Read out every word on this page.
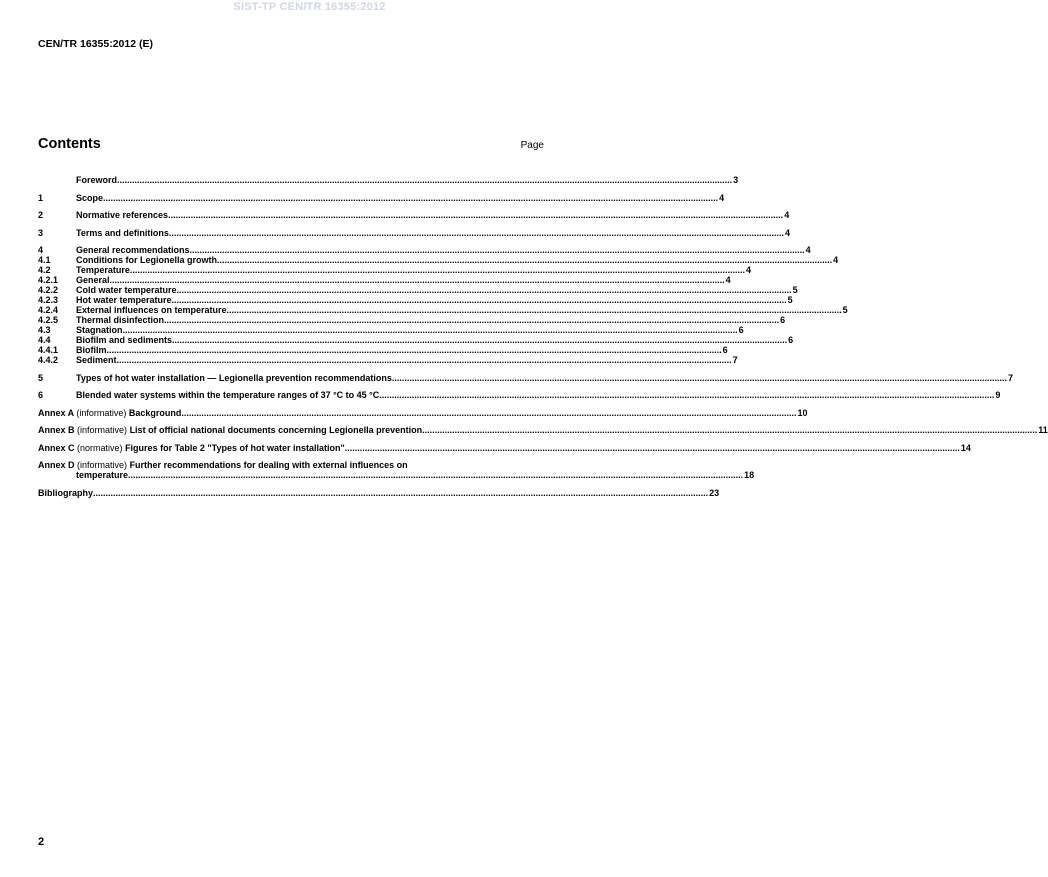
SIST-TP CEN/TR 16355:2012
CEN/TR 16355:2012 (E)
Contents	Page
Foreword .....	3
1	Scope .....	4
2	Normative references .....	4
3	Terms and definitions .....	4
4	General recommendations .....	4
4.1	Conditions for Legionella growth .....	4
4.2	Temperature .....	4
4.2.1	General .....	4
4.2.2	Cold water temperature .....	5
4.2.3	Hot water temperature .....	5
4.2.4	External influences on temperature .....	5
4.2.5	Thermal disinfection .....	6
4.3	Stagnation .....	6
4.4	Biofilm and sediments .....	6
4.4.1	Biofilm .....	6
4.4.2	Sediment .....	7
5	Types of hot water installation — Legionella prevention recommendations .....	7
6	Blended water systems within the temperature ranges of 37 °C to 45 °C .....	9
Annex A (informative) Background .....	10
Annex B (informative) List of official national documents concerning Legionella prevention .....	11
Annex C (normative) Figures for Table 2 "Types of hot water installation" .....	14
Annex D (informative) Further recommendations for dealing with external influences on
temperature .....	18
Bibliography .....	23
2
